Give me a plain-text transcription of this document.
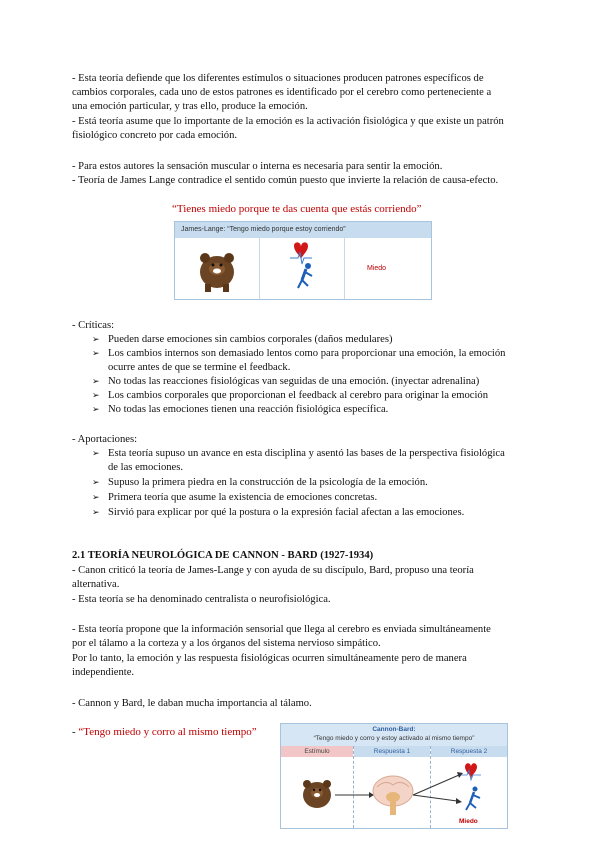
- Esta teoría defiende que los diferentes estímulos o situaciones producen patrones específicos de
cambios corporales, cada uno de estos patrones es identificado por el cerebro como perteneciente a
una emoción particular, y tras ello, produce la emoción.
- Está teoría asume que lo importante de la emoción es la activación fisiológica y que existe un patrón
fisiológico concreto por cada emoción.
- Para estos autores la sensación muscular o interna es necesaria para sentir la emoción.
- Teoría de James Lange contradice el sentido común puesto que invierte la relación de causa-efecto.
“Tienes miedo porque te das cuenta que estás corriendo”
James-Lange: “Tengo miedo porque estoy corriendo”
Miedo
- Críticas:
➢ Pueden darse emociones sin cambios corporales (daños medulares)
➢ Los cambios internos son demasiado lentos como para proporcionar una emoción, la emoción
ocurre antes de que se termine el feedback.
➢ No todas las reacciones fisiológicas van seguidas de una emoción. (inyectar adrenalina)
➢ Los cambios corporales que proporcionan el feedback al cerebro para originar la emoción
➢ No todas las emociones tienen una reacción fisiológica específica.
- Aportaciones:
➢ Esta teoría supuso un avance en esta disciplina y asentó las bases de la perspectiva fisiológica
de las emociones.
➢ Supuso la primera piedra en la construcción de la psicología de la emoción.
➢ Primera teoría que asume la existencia de emociones concretas.
➢ Sirvió para explicar por qué la postura o la expresión facial afectan a las emociones.
2.1 TEORÍA NEUROLÓGICA DE CANNON - BARD (1927-1934)
- Canon criticó la teoría de James-Lange y con ayuda de su discípulo, Bard, propuso una teoría
alternativa.
- Esta teoría se ha denominado centralista o neurofisiológica.
- Esta teoría propone que la información sensorial que llega al cerebro es enviada simultáneamente
por el tálamo a la corteza y a los órganos del sistema nervioso simpático.
Por lo tanto, la emoción y las respuesta fisiológicas ocurren simultáneamente pero de manera
independiente.
- Cannon y Bard, le daban mucha importancia al tálamo.
- “Tengo miedo y corro al mismo tiempo”	Cannon-Bard:
“Tengo miedo y corro y estoy activado al mismo tiempo”
Estímulo	Respuesta 1	Respuesta 2
Miedo
